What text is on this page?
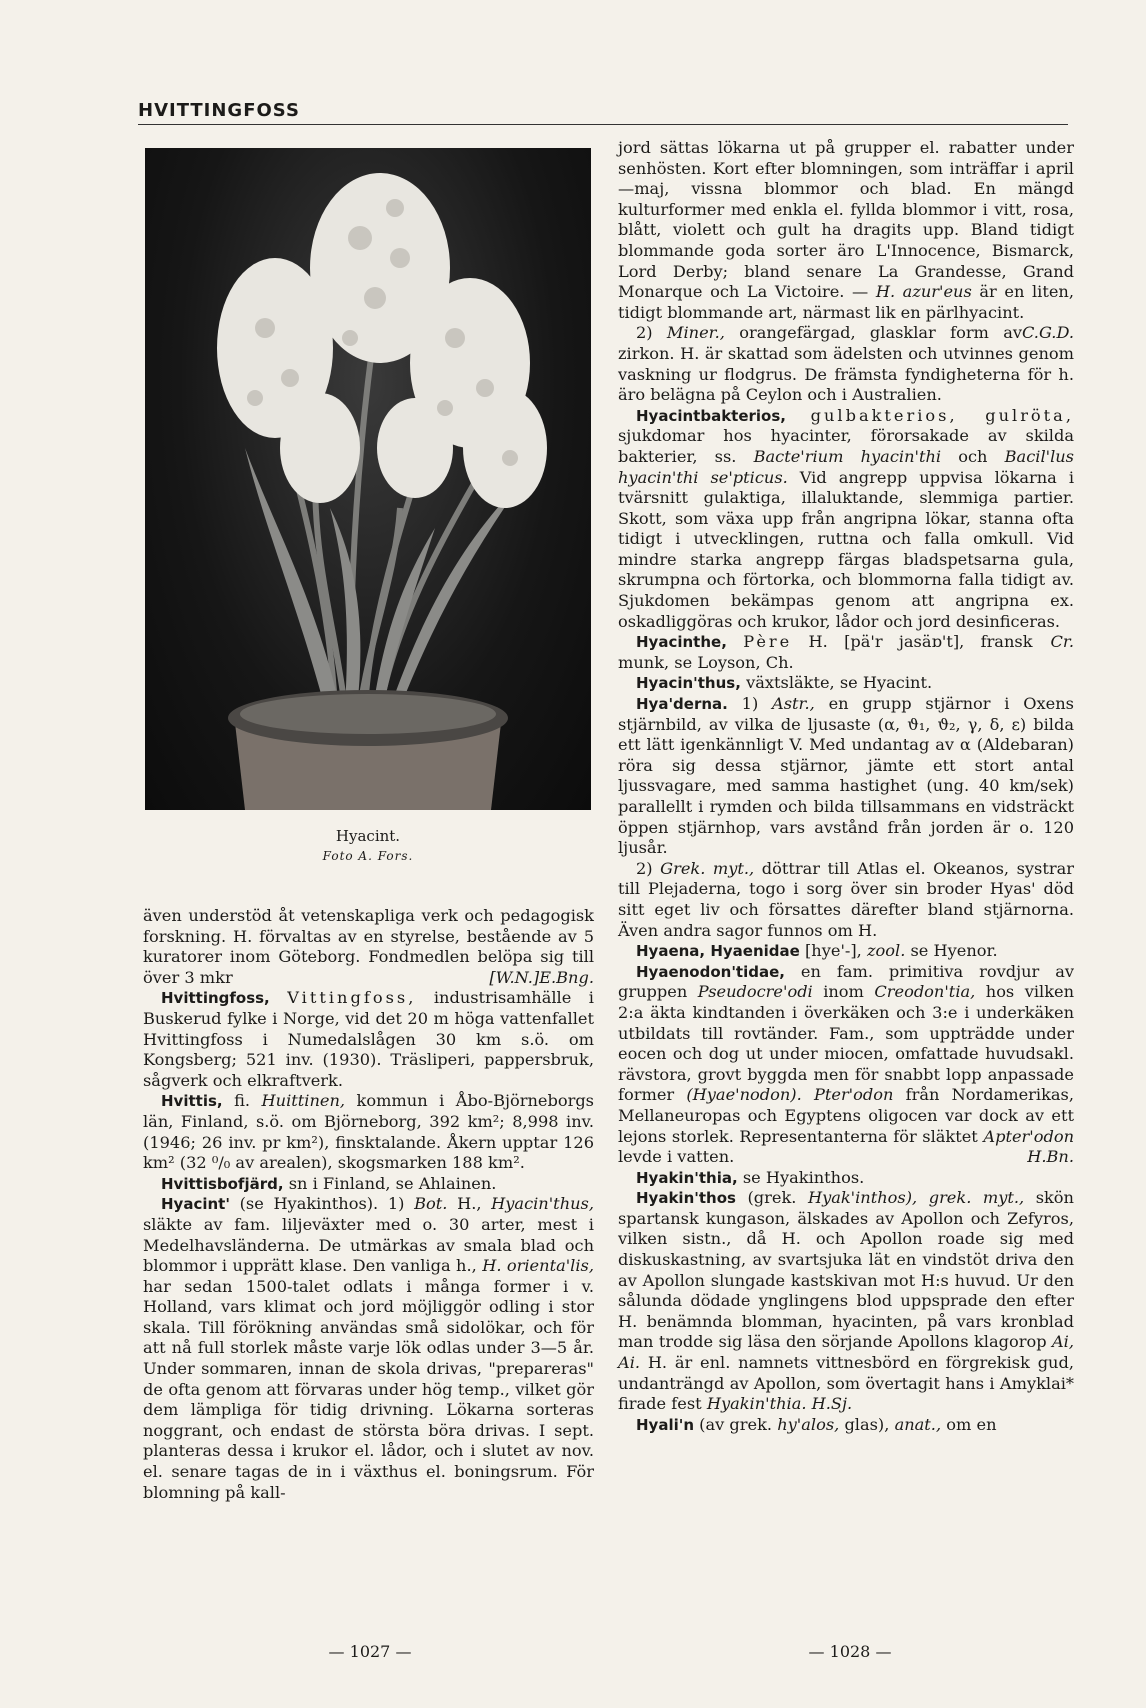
HVITTINGFOSS
Hyacint.
Foto A. Fors.

även understöd åt vetenskapliga verk och pedagogisk forskning. H. förvaltas av en styrelse, bestående av 5 kuratorer inom Göteborg. Fondmedlen belöpa sig till över 3 mkr	[W.N.]E.Bng.

Hvittingfoss, Vittingfoss, industrisamhälle i Buskerud fylke i Norge, vid det 20 m höga vattenfallet Hvittingfoss i Numedalslågen 30 km s.ö. om Kongsberg; 521 inv. (1930). Träsliperi, pappersbruk, sågverk och elkraftverk.

Hvittis, fi. Huittinen, kommun i Åbo-Björneborgs län, Finland, s.ö. om Björneborg, 392 km²; 8,998 inv. (1946; 26 inv. pr km²), finsktalande. Åkern upptar 126 km² (32 ⁰/₀ av arealen), skogsmarken 188 km².

Hvittisbofjärd, sn i Finland, se Ahlainen.

Hyacint' (se Hyakinthos). 1) Bot. H., Hyacin'thus, släkte av fam. liljeväxter med o. 30 arter, mest i Medelhavsländerna. De utmärkas av smala blad och blommor i upprätt klase. Den vanliga h., H. orienta'lis, har sedan 1500-talet odlats i många former i v. Holland, vars klimat och jord möjliggör odling i stor skala. Till förökning användas små sidolökar, och för att nå full storlek måste varje lök odlas under 3—5 år. Under sommaren, innan de skola drivas, "prepareras" de ofta genom att förvaras under hög temp., vilket gör dem lämpliga för tidig drivning. Lökarna sorteras noggrant, och endast de största böra drivas. I sept. planteras dessa i krukor el. lådor, och i slutet av nov. el. senare tagas de in i växthus el. boningsrum. För blomning på kall-

jord sättas lökarna ut på grupper el. rabatter under senhösten. Kort efter blomningen, som inträffar i april—maj, vissna blommor och blad. En mängd kulturformer med enkla el. fyllda blommor i vitt, rosa, blått, violett och gult ha dragits upp. Bland tidigt blommande goda sorter äro L'Innocence, Bismarck, Lord Derby; bland senare La Grandesse, Grand Monarque och La Victoire. — H. azur'eus är en liten, tidigt blommande art, närmast lik en pärlhyacint.
C.G.D.

2) Miner., orangefärgad, glasklar form av zirkon. H. är skattad som ädelsten och utvinnes genom vaskning ur flodgrus. De främsta fyndigheterna för h. äro belägna på Ceylon och i Australien.

Hyacintbakterios, gulbakterios, gulröta, sjukdomar hos hyacinter, förorsakade av skilda bakterier, ss. Bacte'rium hyacin'thi och Bacil'lus hyacin'thi se'pticus. Vid angrepp uppvisa lökarna i tvärsnitt gulaktiga, illaluktande, slemmiga partier. Skott, som växa upp från angripna lökar, stanna ofta tidigt i utvecklingen, ruttna och falla omkull. Vid mindre starka angrepp färgas bladspetsarna gula, skrumpna och förtorka, och blommorna falla tidigt av. Sjukdomen bekämpas genom att angripna ex. oskadliggöras och krukor, lådor och jord desinficeras.
Cr.

Hyacinthe, Père H. [pä'r jasäɒ't], fransk munk, se Loyson, Ch.

Hyacin'thus, växtsläkte, se Hyacint.

Hya'derna. 1) Astr., en grupp stjärnor i Oxens stjärnbild, av vilka de ljusaste (α, ϑ₁, ϑ₂, γ, δ, ε) bilda ett lätt igenkännligt V. Med undantag av α (Aldebaran) röra sig dessa stjärnor, jämte ett stort antal ljussvagare, med samma hastighet (ung. 40 km/sek) parallellt i rymden och bilda tillsammans en vidsträckt öppen stjärnhop, vars avstånd från jorden är o. 120 ljusår.

2) Grek. myt., döttrar till Atlas el. Okeanos, systrar till Plejaderna, togo i sorg över sin broder Hyas' död sitt eget liv och försattes därefter bland stjärnorna. Även andra sagor funnos om H.

Hyaena, Hyaenidae [hye'-], zool. se Hyenor.

Hyaenodon'tidae, en fam. primitiva rovdjur av gruppen Pseudocre'odi inom Creodon'tia, hos vilken 2:a äkta kindtanden i överkäken och 3:e i underkäken utbildats till rovtänder. Fam., som uppträdde under eocen och dog ut under miocen, omfattade huvudsakl. rävstora, grovt byggda men för snabbt lopp anpassade former (Hyae'nodon). Pter'odon från Nordamerikas, Mellaneuropas och Egyptens oligocen var dock av ett lejons storlek. Representanterna för släktet Apter'odon levde i vatten.	H.Bn.

Hyakin'thia, se Hyakinthos.

Hyakin'thos (grek. Hyak'inthos), grek. myt., skön spartansk kungason, älskades av Apollon och Zefyros, vilken sistn., då H. och Apollon roade sig med diskuskastning, av svartsjuka lät en vindstöt driva den av Apollon slungade kastskivan mot H:s huvud. Ur den sålunda dödade ynglingens blod uppsprade den efter H. benämnda blomman, hyacinten, på vars kronblad man trodde sig läsa den sörjande Apollons klagorop Ai, Ai. H. är enl. namnets vittnesbörd en förgrekisk gud, undanträngd av Apollon, som övertagit hans i Amyklai* firade fest Hyakin'thia. H.Sj.

Hyali'n (av grek. hy'alos, glas), anat., om en

— 1027 —	— 1028 —
